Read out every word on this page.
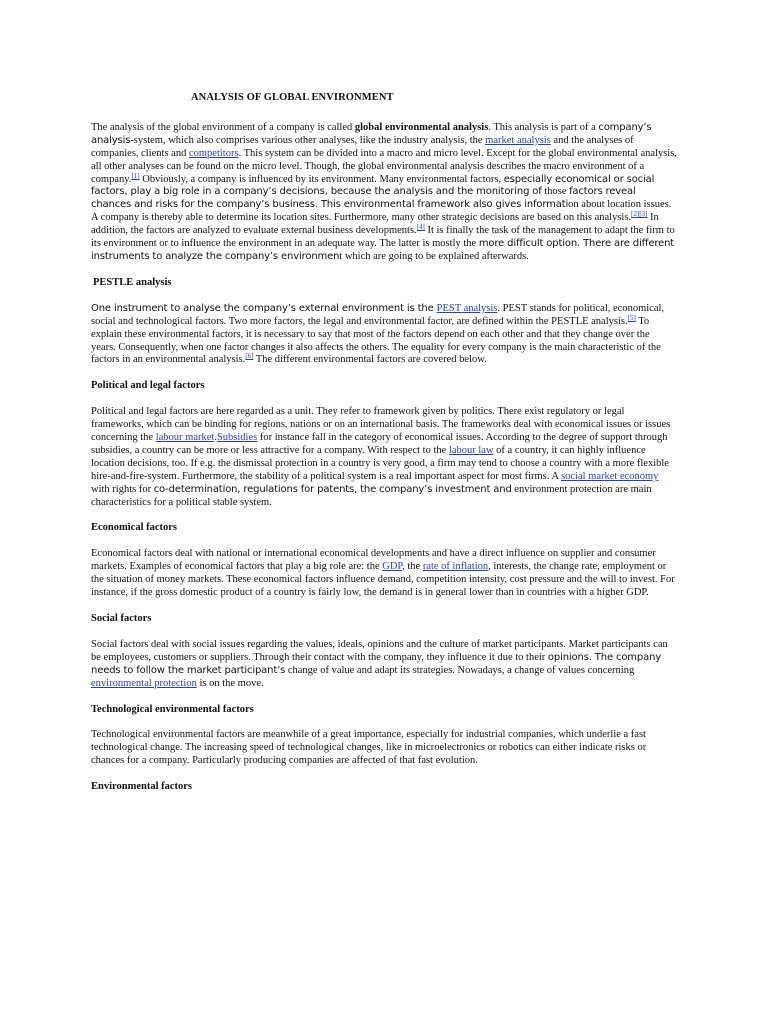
ANALYSIS OF GLOBAL ENVIRONMENT

The analysis of the global environment of a company is called global environmental analysis. This analysis is part of a company’s analysis-system, which also comprises various other analyses, like the industry analysis, the market analysis and the analyses of companies, clients and competitors. This system can be divided into a macro and micro level. Except for the global environmental analysis, all other analyses can be found on the micro level. Though, the global environmental analysis describes the macro environment of a company.[1] Obviously, a company is influenced by its environment. Many environmental factors, especially economical or social factors, play a big role in a company’s decisions, because the analysis and the monitoring of those factors reveal chances and risks for the company’s business. This environmental framework also gives information about location issues. A company is thereby able to determine its location sites. Furthermore, many other strategic decisions are based on this analysis.[2][3] In addition, the factors are analyzed to evaluate external business developments.[4] It is finally the task of the management to adapt the firm to its environment or to influence the environment in an adequate way. The latter is mostly the more difficult option. There are different instruments to analyze the company’s environment which are going to be explained afterwards.

PESTLE analysis

One instrument to analyse the company’s external environment is the PEST analysis. PEST stands for political, economical, social and technological factors. Two more factors, the legal and environmental factor, are defined within the PESTLE analysis.[5] To explain these environmental factors, it is necessary to say that most of the factors depend on each other and that they change over the years. Consequently, when one factor changes it also affects the others. The equality for every company is the main characteristic of the factors in an environmental analysis.[6] The different environmental factors are covered below.

Political and legal factors

Political and legal factors are here regarded as a unit. They refer to framework given by politics. There exist regulatory or legal frameworks, which can be binding for regions, nations or on an international basis. The frameworks deal with economical issues or issues concerning the labour market.Subsidies for instance fall in the category of economical issues. According to the degree of support through subsidies, a country can be more or less attractive for a company. With respect to the labour law of a country, it can highly influence location decisions, too. If e.g. the dismissal protection in a country is very good, a firm may tend to choose a country with a more flexible hire-and-fire-system. Furthermore, the stability of a political system is a real important aspect for most firms. A social market economy with rights for co-determination, regulations for patents, the company’s investment and environment protection are main characteristics for a political stable system.

Economical factors

Economical factors deal with national or international economical developments and have a direct influence on supplier and consumer markets. Examples of economical factors that play a big role are: the GDP, the rate of inflation, interests, the change rate, employment or the situation of money markets. These economical factors influence demand, competition intensity, cost pressure and the will to invest. For instance, if the gross domestic product of a country is fairly low, the demand is in general lower than in countries with a higher GDP.

Social factors

Social factors deal with social issues regarding the values, ideals, opinions and the culture of market participants. Market participants can be employees, customers or suppliers. Through their contact with the company, they influence it due to their opinions. The company needs to follow the market participant’s change of value and adapt its strategies. Nowadays, a change of values concerning environmental protection is on the move.

Technological environmental factors

Technological environmental factors are meanwhile of a great importance, especially for industrial companies, which underlie a fast technological change. The increasing speed of technological changes, like in microelectronics or robotics can either indicate risks or chances for a company. Particularly producing companies are affected of that fast evolution.

Environmental factors
